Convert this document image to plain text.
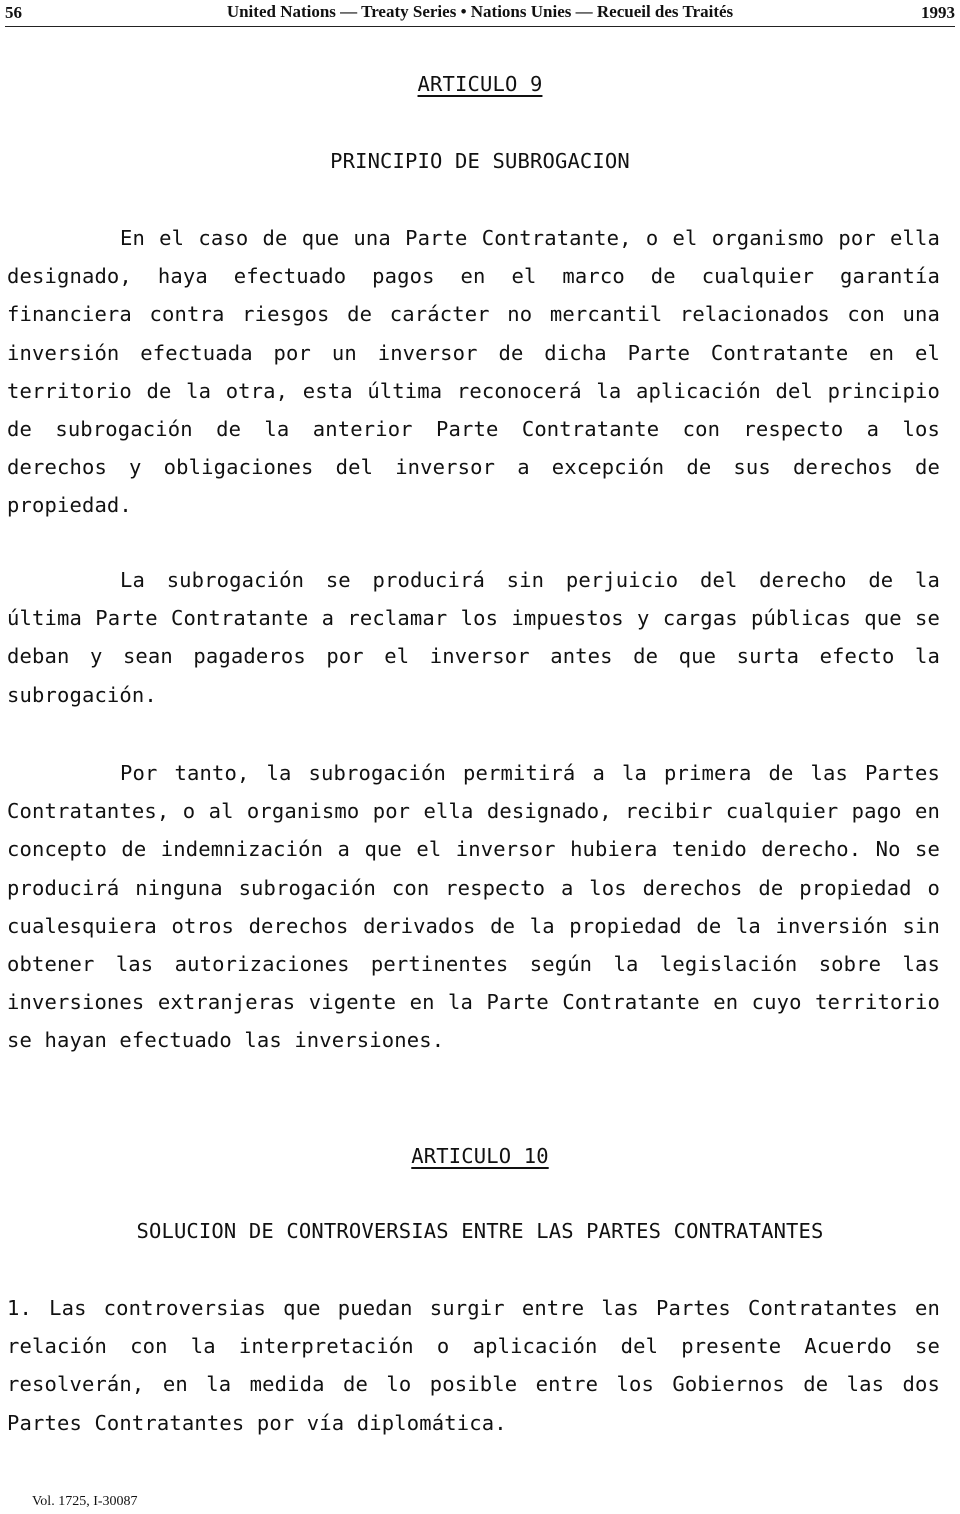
56	United Nations — Treaty Series • Nations Unies — Recueil des Traités	1993
ARTICULO 9
PRINCIPIO DE SUBROGACION

En el caso de que una Parte Contratante, o el organismo por ella designado, haya efectuado pagos en el marco de cualquier garantía financiera contra riesgos de carácter no mercantil relacionados con una inversión efectuada por un inversor de dicha Parte Contratante en el territorio de la otra, esta última reconocerá la aplicación del principio de subrogación de la anterior Parte Contratante con respecto a los derechos y obligaciones del inversor a excepción de sus derechos de propiedad.

La subrogación se producirá sin perjuicio del derecho de la última Parte Contratante a reclamar los impuestos y cargas públicas que se deban y sean pagaderos por el inversor antes de que surta efecto la subrogación.

Por tanto, la subrogación permitirá a la primera de las Partes Contratantes, o al organismo por ella designado, recibir cualquier pago en concepto de indemnización a que el inversor hubiera tenido derecho. No se producirá ninguna subrogación con respecto a los derechos de propiedad o cualesquiera otros derechos derivados de la propiedad de la inversión sin obtener las autorizaciones pertinentes según la legislación sobre las inversiones extranjeras vigente en la Parte Contratante en cuyo territorio se hayan efectuado las inversiones.

ARTICULO 10
SOLUCION DE CONTROVERSIAS ENTRE LAS PARTES CONTRATANTES

1. Las controversias que puedan surgir entre las Partes Contratantes en relación con la interpretación o aplicación del presente Acuerdo se resolverán, en la medida de lo posible entre los Gobiernos de las dos Partes Contratantes por vía diplomática.

Vol. 1725, I-30087
